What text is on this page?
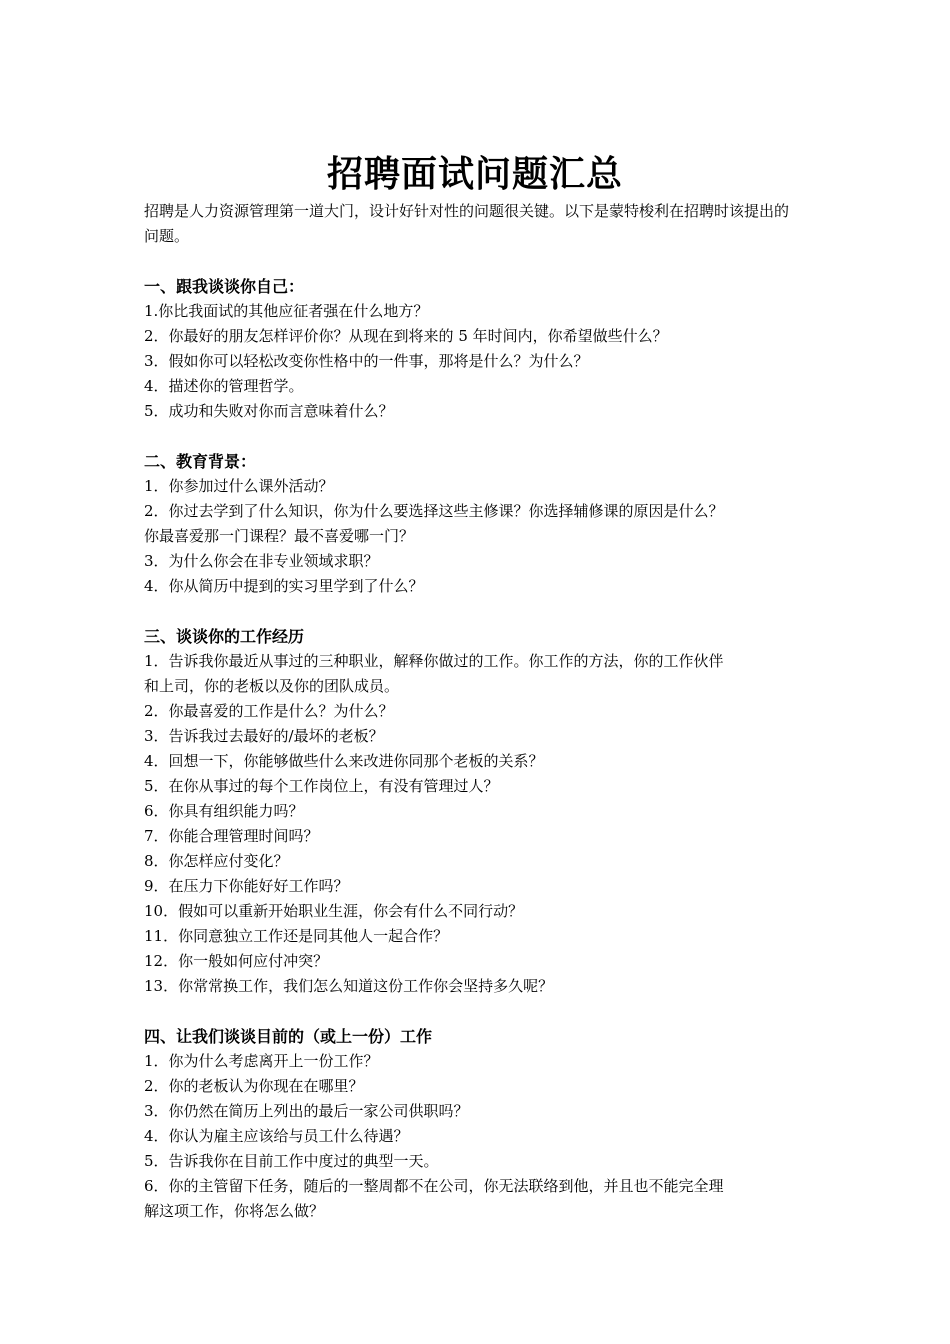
招聘面试问题汇总

招聘是人力资源管理第一道大门，设计好针对性的问题很关键。以下是蒙特梭利在招聘时该提出的问题。

一、跟我谈谈你自己：

1.你比我面试的其他应征者强在什么地方？
2．你最好的朋友怎样评价你？从现在到将来的 5 年时间内，你希望做些什么？
3．假如你可以轻松改变你性格中的一件事，那将是什么？为什么？
4．描述你的管理哲学。
5．成功和失败对你而言意味着什么？

二、教育背景：

1．你参加过什么课外活动？
2．你过去学到了什么知识，你为什么要选择这些主修课？你选择辅修课的原因是什么？你最喜爱那一门课程？最不喜爱哪一门？
3．为什么你会在非专业领域求职？
4．你从简历中提到的实习里学到了什么？

三、谈谈你的工作经历

1．告诉我你最近从事过的三种职业，解释你做过的工作。你工作的方法，你的工作伙伴和上司，你的老板以及你的团队成员。
2．你最喜爱的工作是什么？为什么？
3．告诉我过去最好的/最坏的老板？
4．回想一下，你能够做些什么来改进你同那个老板的关系？
5．在你从事过的每个工作岗位上，有没有管理过人？
6．你具有组织能力吗？
7．你能合理管理时间吗？
8．你怎样应付变化？
9．在压力下你能好好工作吗？
10．假如可以重新开始职业生涯，你会有什么不同行动？
11．你同意独立工作还是同其他人一起合作？
12．你一般如何应付冲突？
13．你常常换工作，我们怎么知道这份工作你会坚持多久呢？

四、让我们谈谈目前的（或上一份）工作

1．你为什么考虑离开上一份工作？
2．你的老板认为你现在在哪里？
3．你仍然在简历上列出的最后一家公司供职吗？
4．你认为雇主应该给与员工什么待遇？
5．告诉我你在目前工作中度过的典型一天。
6．你的主管留下任务，随后的一整周都不在公司，你无法联络到他，并且也不能完全理解这项工作，你将怎么做？
